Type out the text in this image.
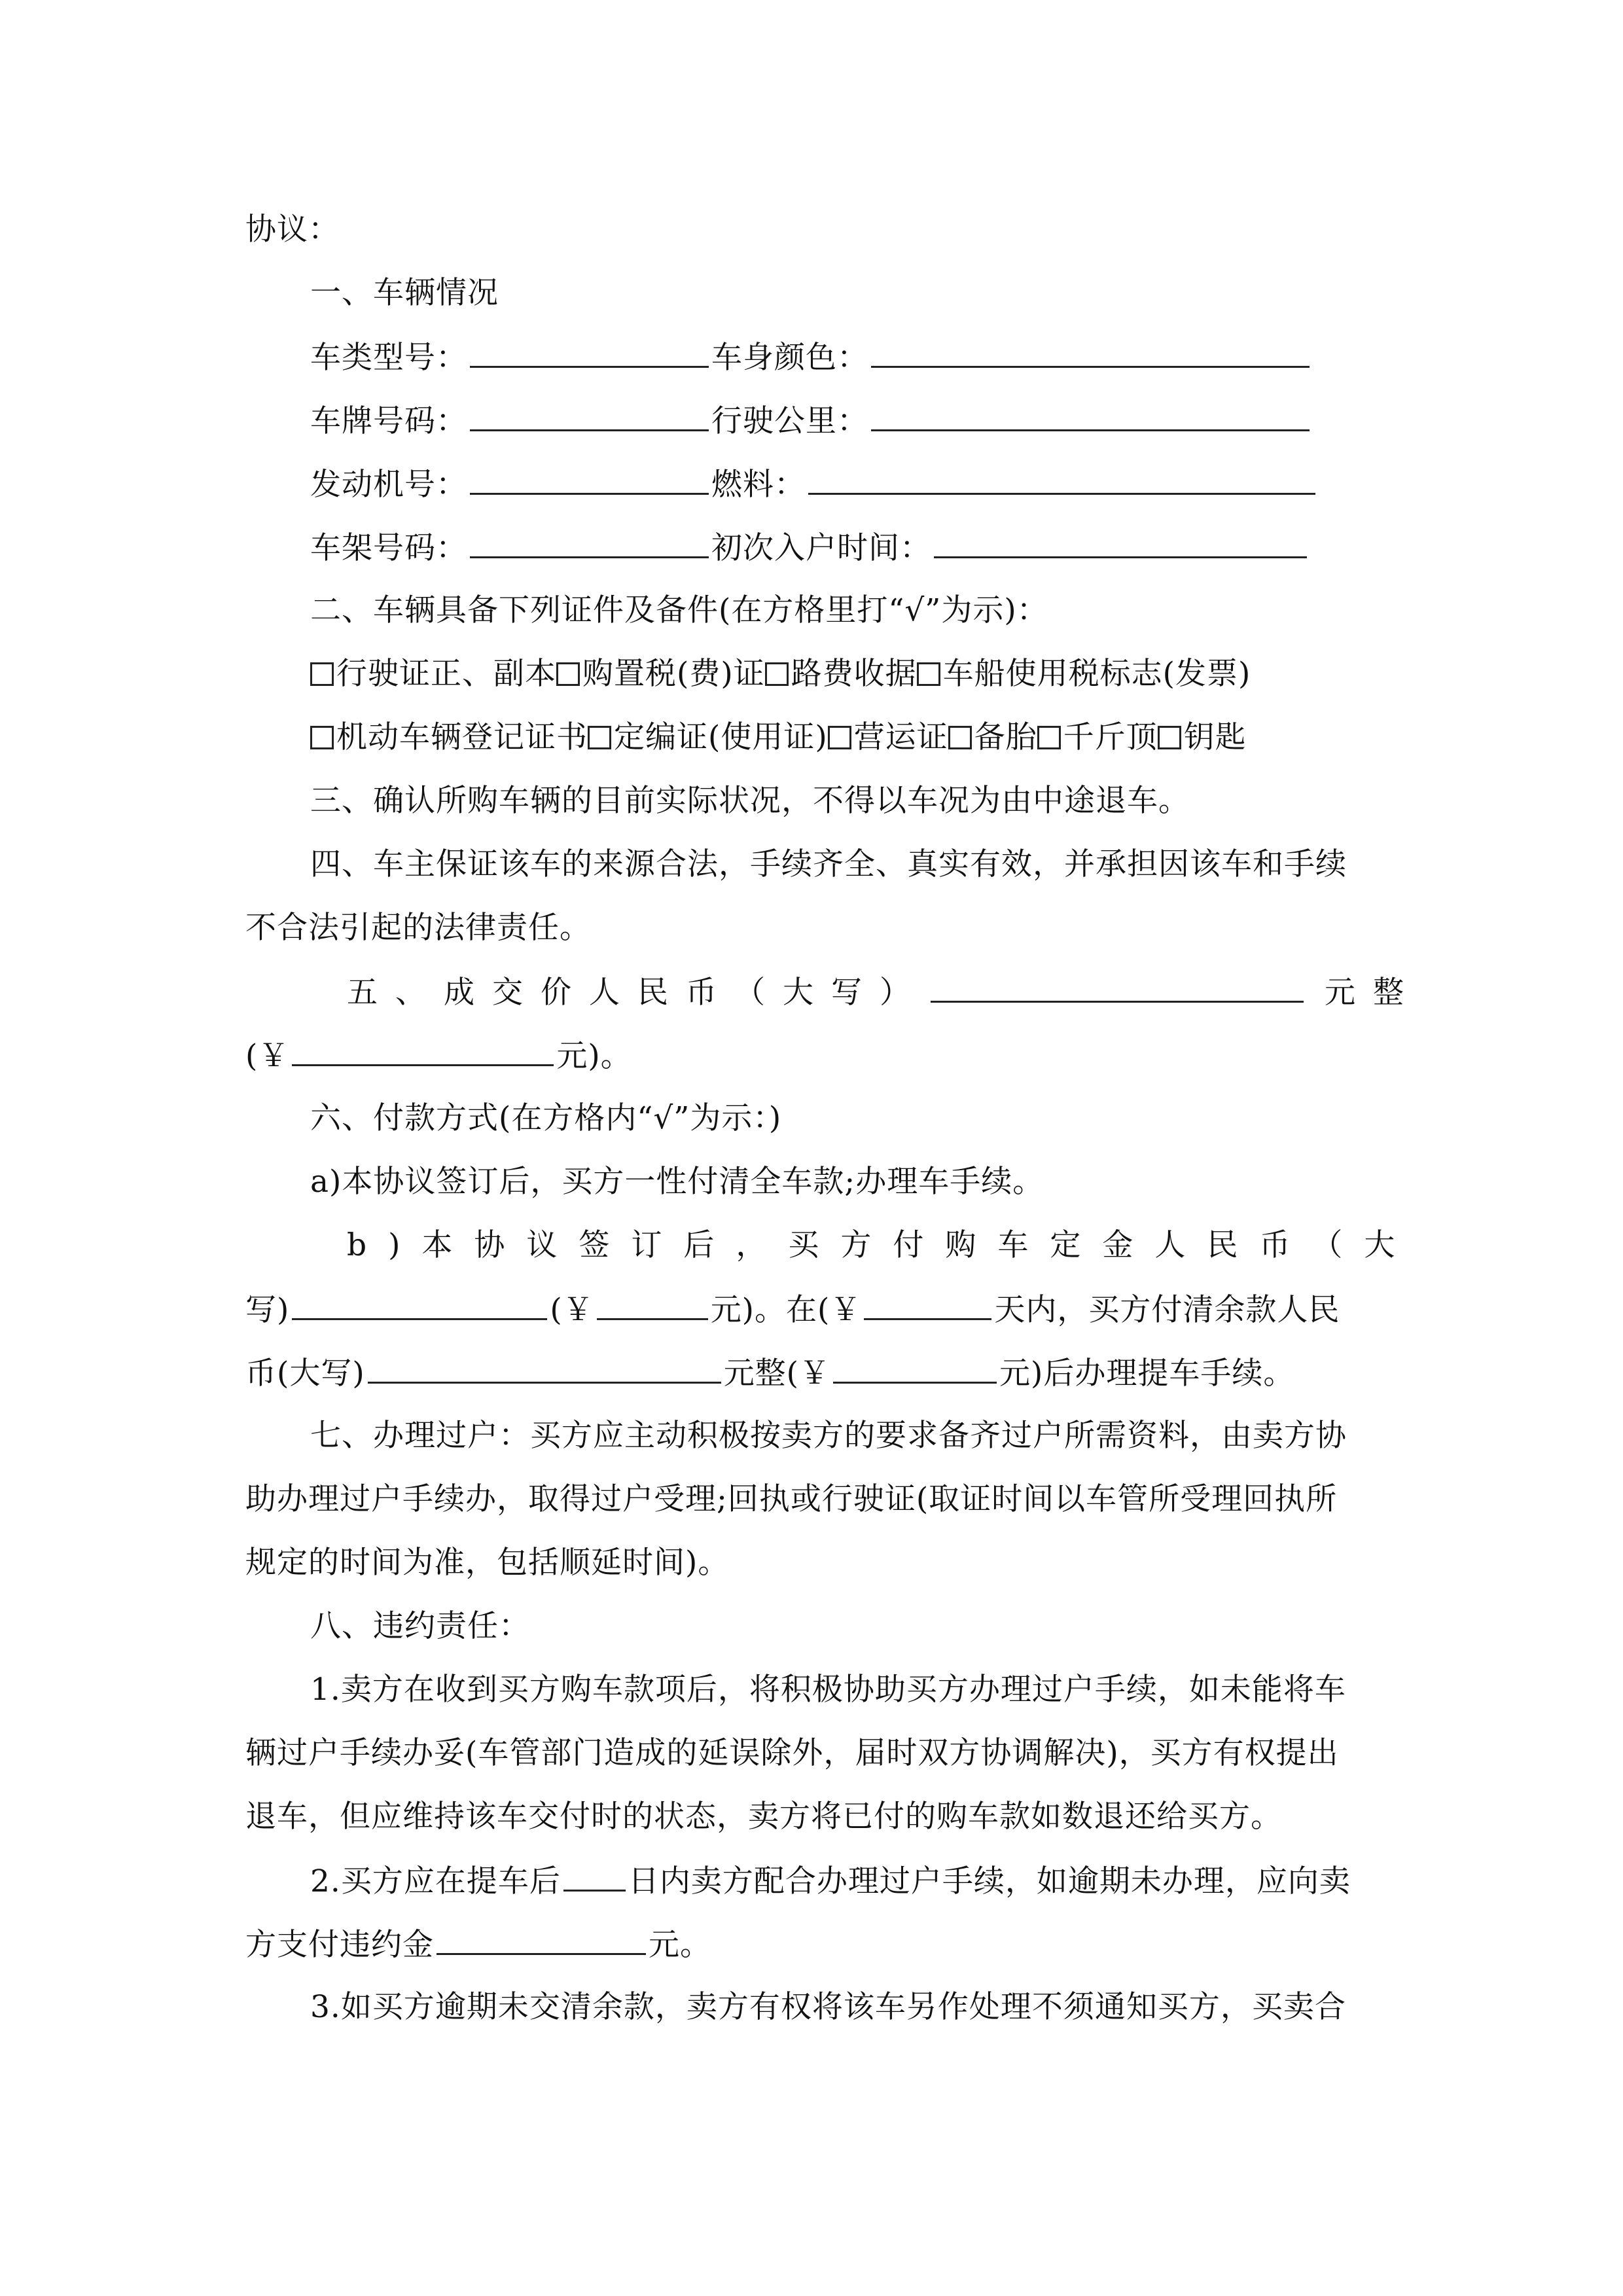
协议：
一、车辆情况
车类型号：	车身颜色：
车牌号码：	行驶公里：
发动机号：	燃料：
车架号码：	初次入户时间：
二、车辆具备下列证件及备件(在方格里打“√”为示)：
行驶证正、副本 购置税(费)证 路费收据 车船使用税标志(发票)
机动车辆登记证书 定编证(使用证) 营运证 备胎 千斤顶 钥匙
三、确认所购车辆的目前实际状况，不得以车况为由中途退车。
四、车主保证该车的来源合法，手续齐全、真实有效，并承担因该车和手续
不合法引起的法律责任。
五、成交价人民币（大写）	元整
(￥	元)。
六、付款方式(在方格内“√”为示：)
a)本协议签订后，买方一性付清全车款;办理车手续。
b)本协议签订后，买方付购车定金人民币（大
写)	(￥	元)。在(￥	天内，买方付清余款人民
币(大写)	元整(￥	元)后办理提车手续。
七、办理过户：买方应主动积极按卖方的要求备齐过户所需资料，由卖方协
助办理过户手续办，取得过户受理;回执或行驶证(取证时间以车管所受理回执所
规定的时间为准，包括顺延时间)。
八、违约责任：
1.卖方在收到买方购车款项后，将积极协助买方办理过户手续，如未能将车
辆过户手续办妥(车管部门造成的延误除外，届时双方协调解决)，买方有权提出
退车，但应维持该车交付时的状态，卖方将已付的购车款如数退还给买方。
2.买方应在提车后 日内卖方配合办理过户手续，如逾期未办理，应向卖
方支付违约金	元。
3.如买方逾期未交清余款，卖方有权将该车另作处理不须通知买方，买卖合
